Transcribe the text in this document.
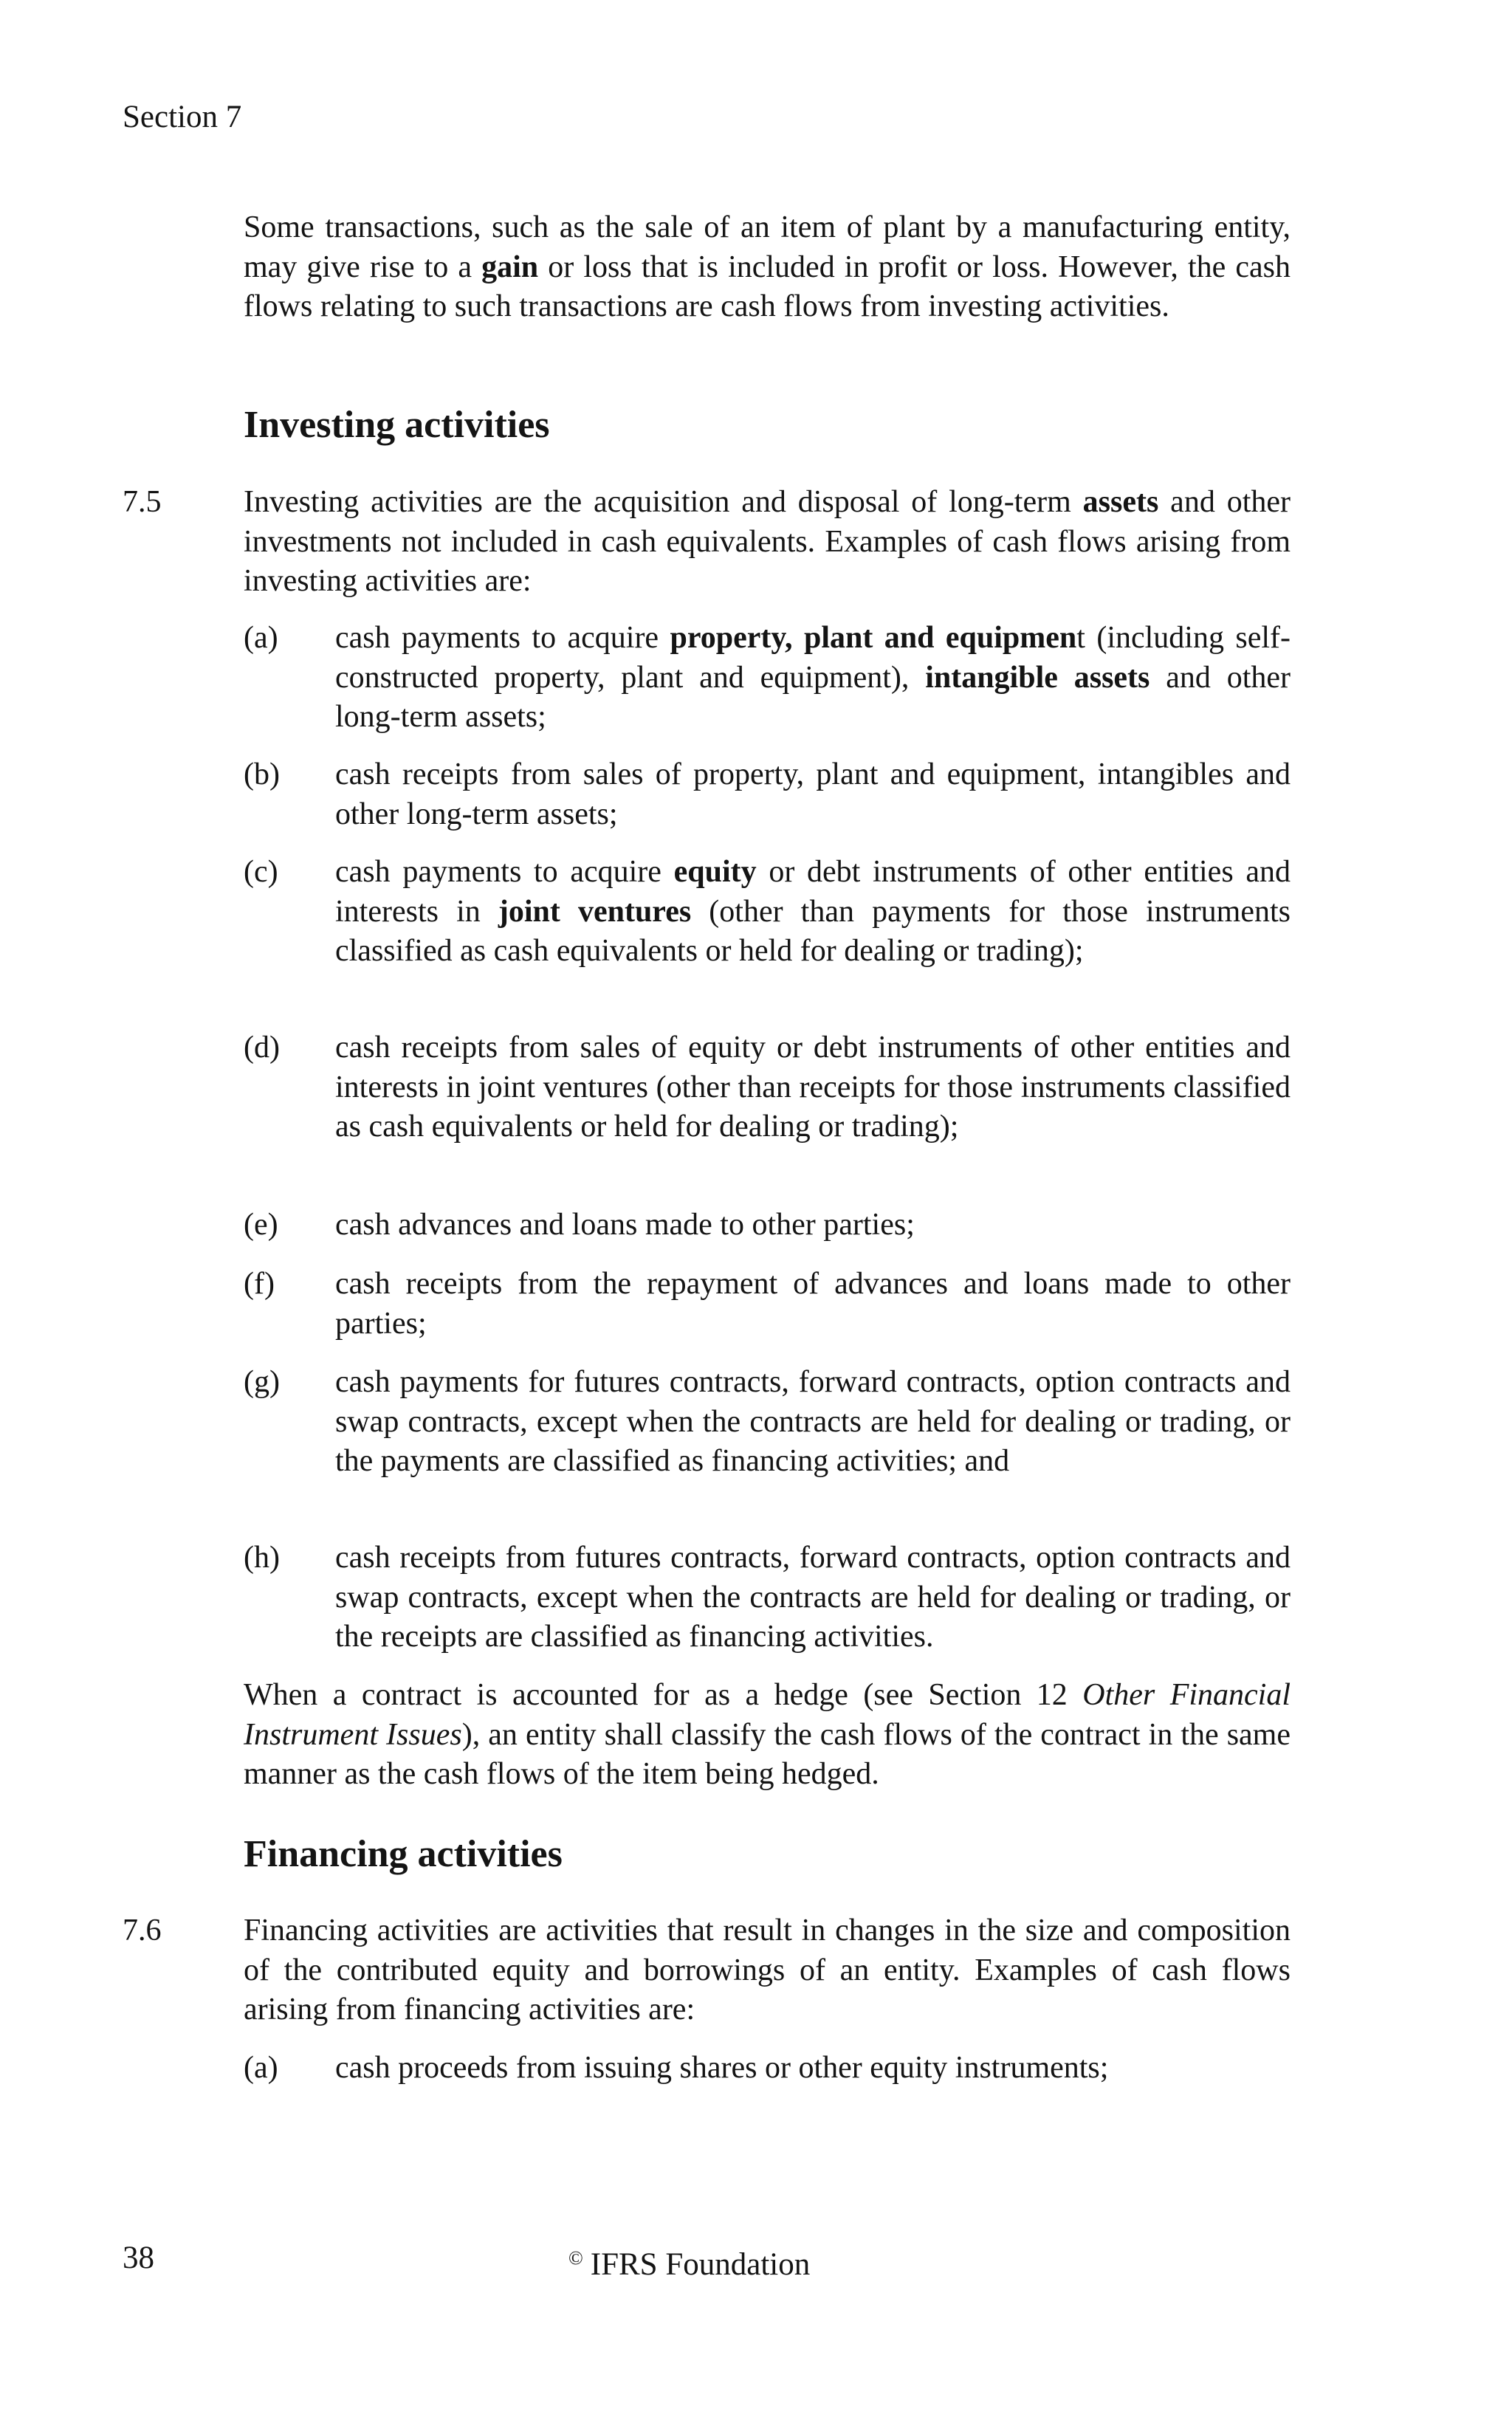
Section 7

Some transactions, such as the sale of an item of plant by a manufacturing entity, may give rise to a gain or loss that is included in profit or loss. However, the cash flows relating to such transactions are cash flows from investing activities.

Investing activities
7.5	Investing activities are the acquisition and disposal of long-term assets and other investments not included in cash equivalents. Examples of cash flows arising from investing activities are:

(a) cash payments to acquire property, plant and equipment (including self-constructed property, plant and equipment), intangible assets and other long-term assets;
(b) cash receipts from sales of property, plant and equipment, intangibles and other long-term assets;
(c) cash payments to acquire equity or debt instruments of other entities and interests in joint ventures (other than payments for those instruments classified as cash equivalents or held for dealing or trading);
(d) cash receipts from sales of equity or debt instruments of other entities and interests in joint ventures (other than receipts for those instruments classified as cash equivalents or held for dealing or trading);
(e) cash advances and loans made to other parties;
(f) cash receipts from the repayment of advances and loans made to other parties;
(g) cash payments for futures contracts, forward contracts, option contracts and swap contracts, except when the contracts are held for dealing or trading, or the payments are classified as financing activities; and
(h) cash receipts from futures contracts, forward contracts, option contracts and swap contracts, except when the contracts are held for dealing or trading, or the receipts are classified as financing activities.

When a contract is accounted for as a hedge (see Section 12 Other Financial Instrument Issues), an entity shall classify the cash flows of the contract in the same manner as the cash flows of the item being hedged.

Financing activities
7.6	Financing activities are activities that result in changes in the size and composition of the contributed equity and borrowings of an entity. Examples of cash flows arising from financing activities are:

(a) cash proceeds from issuing shares or other equity instruments;
38	© IFRS Foundation
